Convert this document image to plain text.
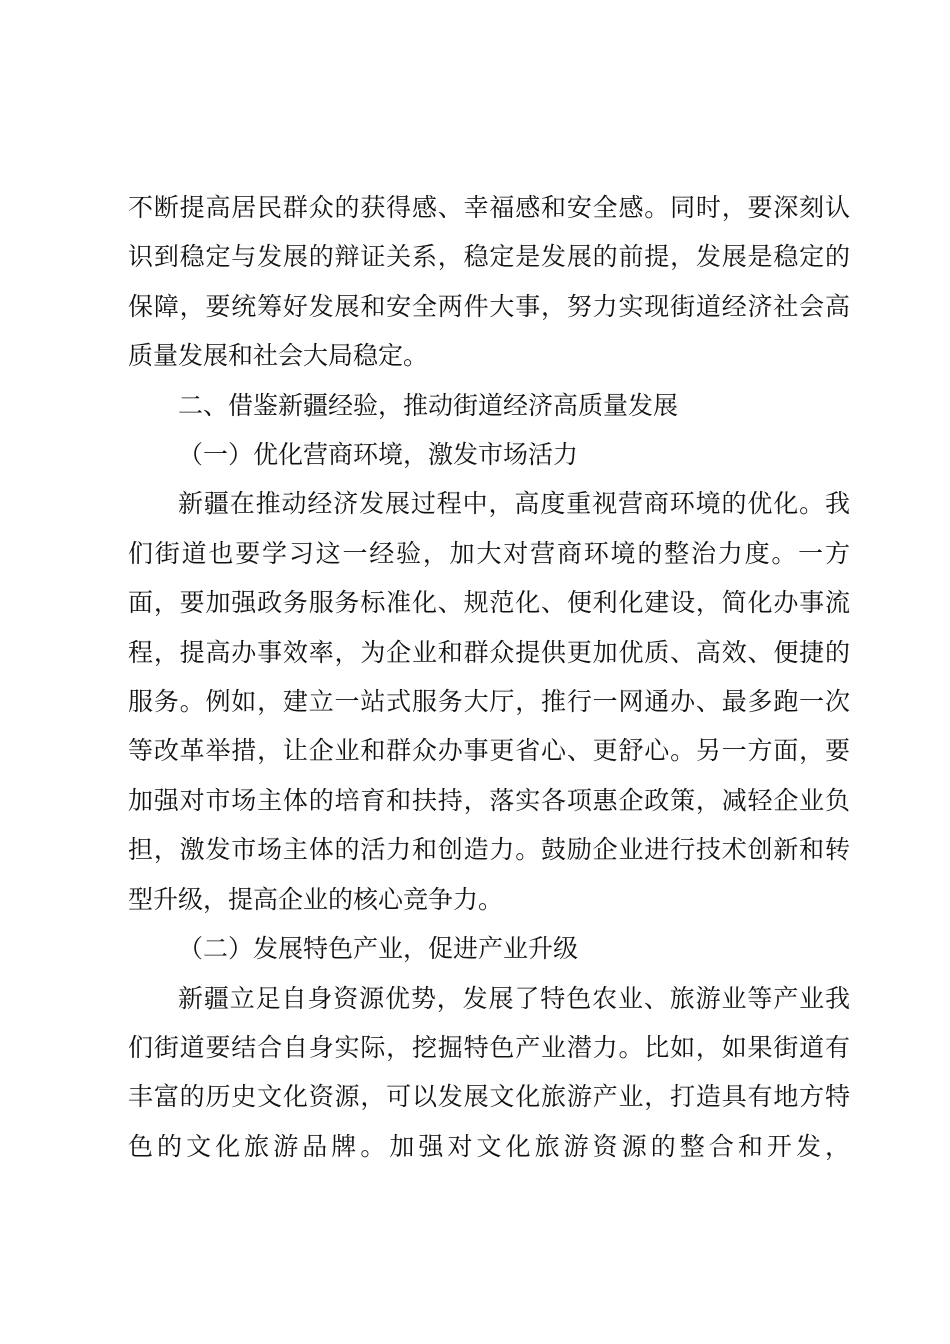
不断提高居民群众的获得感、幸福感和安全感。同时，要深刻认识到稳定与发展的辩证关系，稳定是发展的前提，发展是稳定的保障，要统筹好发展和安全两件大事，努力实现街道经济社会高质量发展和社会大局稳定。

二、借鉴新疆经验，推动街道经济高质量发展

（一）优化营商环境，激发市场活力

新疆在推动经济发展过程中，高度重视营商环境的优化。我们街道也要学习这一经验，加大对营商环境的整治力度。一方面，要加强政务服务标准化、规范化、便利化建设，简化办事流程，提高办事效率，为企业和群众提供更加优质、高效、便捷的服务。例如，建立一站式服务大厅，推行一网通办、最多跑一次等改革举措，让企业和群众办事更省心、更舒心。另一方面，要加强对市场主体的培育和扶持，落实各项惠企政策，减轻企业负担，激发市场主体的活力和创造力。鼓励企业进行技术创新和转型升级，提高企业的核心竞争力。

（二）发展特色产业，促进产业升级

新疆立足自身资源优势，发展了特色农业、旅游业等产业我们街道要结合自身实际，挖掘特色产业潜力。比如，如果街道有丰富的历史文化资源，可以发展文化旅游产业，打造具有地方特色的文化旅游品牌。加强对文化旅游资源的整合和开发，
